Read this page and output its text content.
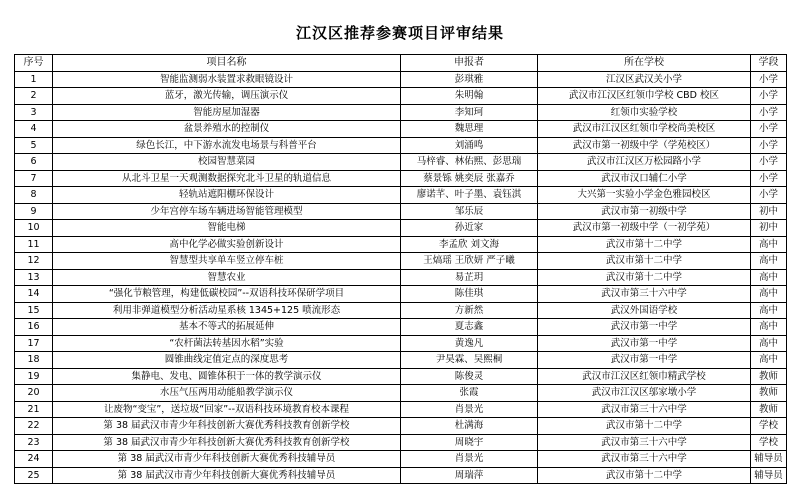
江汉区推荐参赛项目评审结果
序号	项目名称	申报者	所在学校	学段
1	智能监测弱水装置求救眼镜设计	彭琪雅	江汉区武汉关小学	小学
2	蓝牙，激光传输，调压演示仪	朱明翰	武汉市江汉区红领巾学校 CBD 校区	小学
3	智能房屋加湿器	李知珂	红领巾实验学校	小学
4	盆景养殖水的控制仪	魏思理	武汉市江汉区红领巾学校尚美校区	小学
5	绿色长江，中下游水流发电场景与科普平台	刘涌鸣	武汉市第一初级中学（学苑校区）	小学
6	校园智慧菜园	马梓睿、林佑熙、彭思瑞	武汉市江汉区万松园路小学	小学
7	从北斗卫星一天观测数据探究北斗卫星的轨道信息	蔡景铄 姚奕辰 张嘉乔	武汉市汉口辅仁小学	小学
8	轻轨站遮阳棚环保设计	廖诺芊、叶子墨、袁钰淇	大兴第一实验小学金色雅园校区	小学
9	少年宫停车场车辆进场智能管理模型	邹乐辰	武汉市第一初级中学	初中
10	智能电梯	孙近家	武汉市第一初级中学（一初学苑）	初中
11	高中化学必做实验创新设计	李孟欣 刘文海	武汉市第十二中学	高中
12	智慧型共享单车竖立停车桩	王熇瑶 王欣妍 严子曦	武汉市第十二中学	高中
13	智慧农业	易芷玥	武汉市第十二中学	高中
14	“强化节粮管理，构建低碳校园”--双语科技环保研学项目	陈佳琪	武汉市第三十六中学	高中
15	利用非弹道模型分析活动星系核 1345+125 喷流形态	方新然	武汉外国语学校	高中
16	基本不等式的拓展延伸	夏志鑫	武汉市第一中学	高中
17	“农杆菌法转基因水稻”实验	黄逸凡	武汉市第一中学	高中
18	圆锥曲线定值定点的深度思考	尹昊霖、吴熙桐	武汉市第一中学	高中
19	集静电、发电、圆锥体积于一体的教学演示仪	陈俊灵	武汉市江汉区红领巾精武学校	教师
20	水压气压两用动能船教学演示仪	张霞	武汉市江汉区邬家墩小学	教师
21	让废物“变宝”，送垃圾“回家”--双语科技环境教育校本课程	肖景光	武汉市第三十六中学	教师
22	第 38 届武汉市青少年科技创新大赛优秀科技教育创新学校	杜满海	武汉市第十二中学	学校
23	第 38 届武汉市青少年科技创新大赛优秀科技教育创新学校	周晓宇	武汉市第三十六中学	学校
24	第 38 届武汉市青少年科技创新大赛优秀科技辅导员	肖景光	武汉市第三十六中学	辅导员
25	第 38 届武汉市青少年科技创新大赛优秀科技辅导员	周瑞萍	武汉市第十二中学	辅导员
